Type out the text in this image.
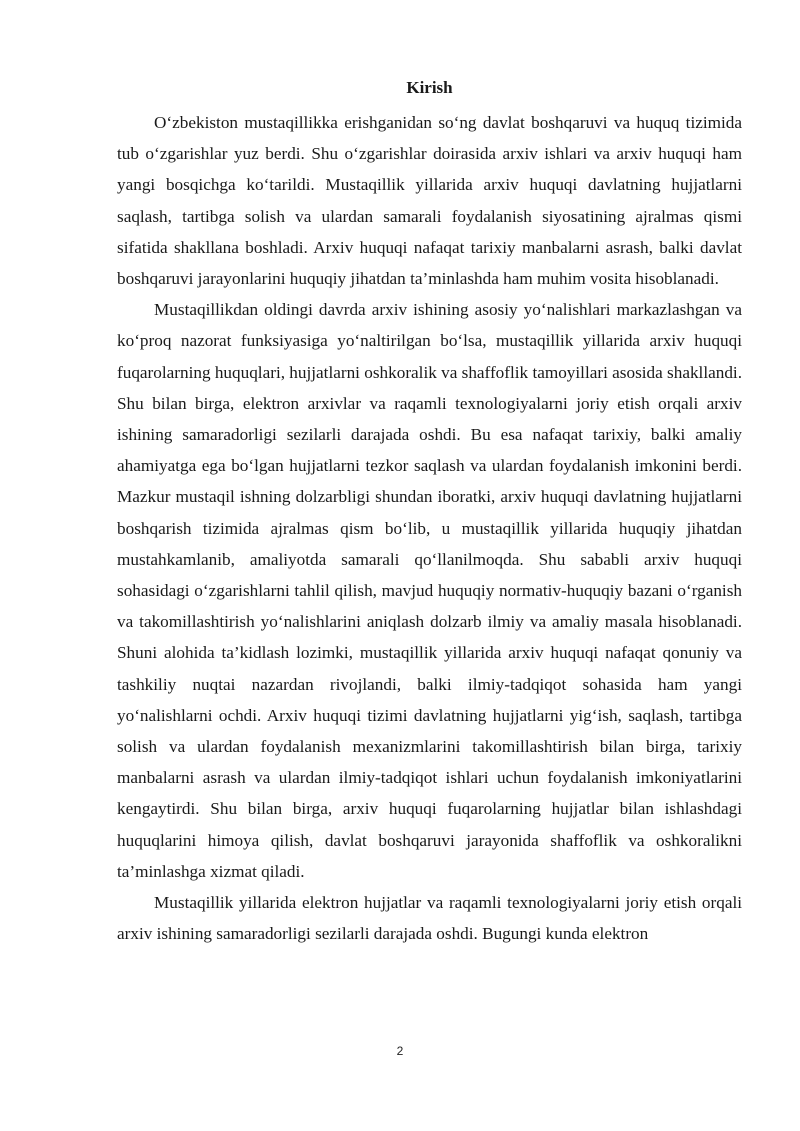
Kirish

O‘zbekiston mustaqillikka erishganidan so‘ng davlat boshqaruvi va huquq tizimida tub o‘zgarishlar yuz berdi. Shu o‘zgarishlar doirasida arxiv ishlari va arxiv huquqi ham yangi bosqichga ko‘tarildi. Mustaqillik yillarida arxiv huquqi davlatning hujjatlarni saqlash, tartibga solish va ulardan samarali foydalanish siyosatining ajralmas qismi sifatida shakllana boshladi. Arxiv huquqi nafaqat tarixiy manbalarni asrash, balki davlat boshqaruvi jarayonlarini huquqiy jihatdan ta’minlashda ham muhim vosita hisoblanadi.

Mustaqillikdan oldingi davrda arxiv ishining asosiy yo‘nalishlari markazlashgan va ko‘proq nazorat funksiyasiga yo‘naltirilgan bo‘lsa, mustaqillik yillarida arxiv huquqi fuqarolarning huquqlari, hujjatlarni oshkoralik va shaffoflik tamoyillari asosida shakllandi. Shu bilan birga, elektron arxivlar va raqamli texnologiyalarni joriy etish orqali arxiv ishining samaradorligi sezilarli darajada oshdi. Bu esa nafaqat tarixiy, balki amaliy ahamiyatga ega bo‘lgan hujjatlarni tezkor saqlash va ulardan foydalanish imkonini berdi. Mazkur mustaqil ishning dolzarbligi shundan iboratki, arxiv huquqi davlatning hujjatlarni boshqarish tizimida ajralmas qism bo‘lib, u mustaqillik yillarida huquqiy jihatdan mustahkamlanib, amaliyotda samarali qo‘llanilmoqda. Shu sababli arxiv huquqi sohasidagi o‘zgarishlarni tahlil qilish, mavjud huquqiy normativ-huquqiy bazani o‘rganish va takomillashtirish yo‘nalishlarini aniqlash dolzarb ilmiy va amaliy masala hisoblanadi. Shuni alohida ta’kidlash lozimki, mustaqillik yillarida arxiv huquqi nafaqat qonuniy va tashkiliy nuqtai nazardan rivojlandi, balki ilmiy-tadqiqot sohasida ham yangi yo‘nalishlarni ochdi. Arxiv huquqi tizimi davlatning hujjatlarni yig‘ish, saqlash, tartibga solish va ulardan foydalanish mexanizmlarini takomillashtirish bilan birga, tarixiy manbalarni asrash va ulardan ilmiy-tadqiqot ishlari uchun foydalanish imkoniyatlarini kengaytirdi. Shu bilan birga, arxiv huquqi fuqarolarning hujjatlar bilan ishlashdagi huquqlarini himoya qilish, davlat boshqaruvi jarayonida shaffoflik va oshkoralikni ta’minlashga xizmat qiladi.

Mustaqillik yillarida elektron hujjatlar va raqamli texnologiyalarni joriy etish orqali arxiv ishining samaradorligi sezilarli darajada oshdi. Bugungi kunda elektron

2
